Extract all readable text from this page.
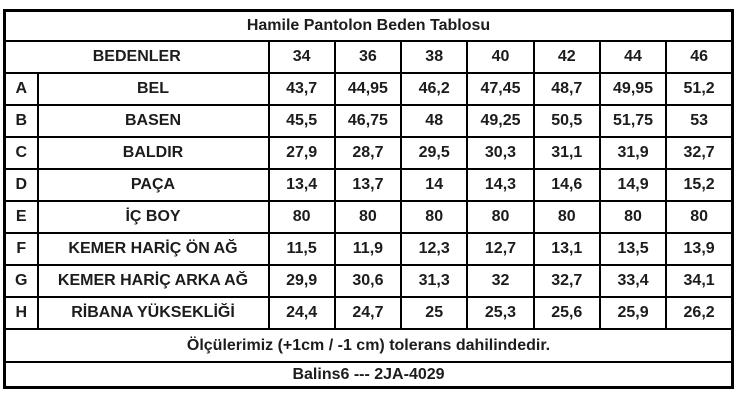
Hamile Pantolon Beden Tablosu								
BEDENLER		34	36	38	40	42	44	46
A	BEL	43,7	44,95	46,2	47,45	48,7	49,95	51,2
B	BASEN	45,5	46,75	48	49,25	50,5	51,75	53
C	BALDIR	27,9	28,7	29,5	30,3	31,1	31,9	32,7
D	PAÇA	13,4	13,7	14	14,3	14,6	14,9	15,2
E	İÇ BOY	80	80	80	80	80	80	80
F	KEMER HARİÇ ÖN AĞ	11,5	11,9	12,3	12,7	13,1	13,5	13,9
G	KEMER HARİÇ ARKA AĞ	29,9	30,6	31,3	32	32,7	33,4	34,1
H	RİBANA YÜKSEKLİĞİ	24,4	24,7	25	25,3	25,6	25,9	26,2
Ölçülerimiz (+1cm / -1 cm) tolerans dahilindedir.								
Balins6 --- 2JA-4029								
